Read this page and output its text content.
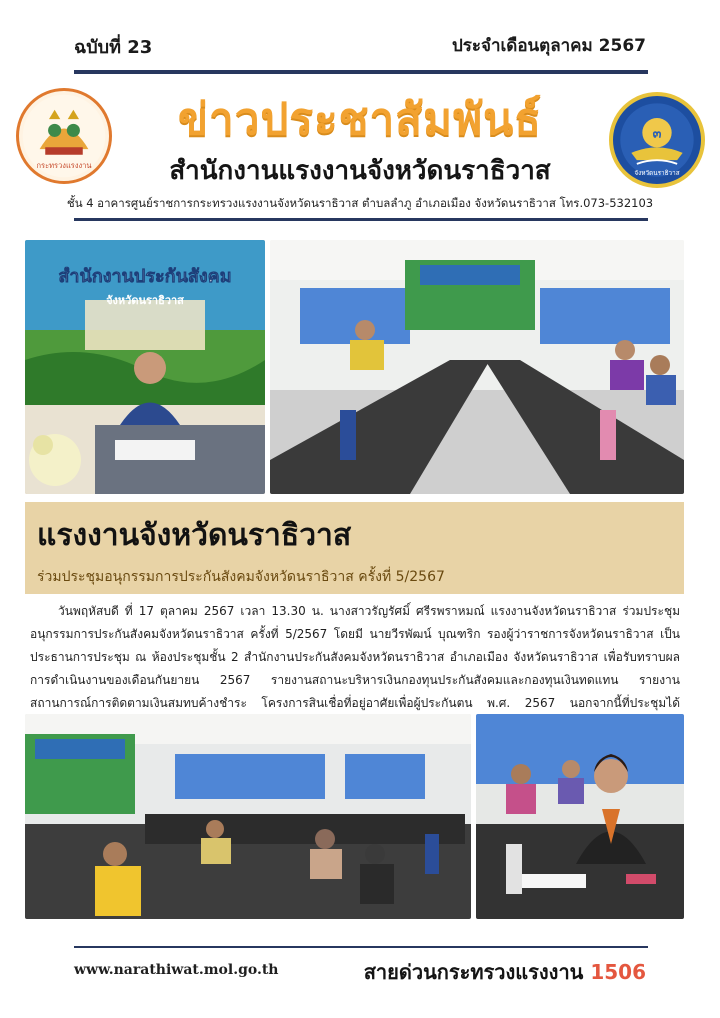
ฉบับที่ 23	ประจำเดือนตุลาคม 2567
กระทรวงแรงงาน
ข่าวประชาสัมพันธ์
สำนักงานแรงงานจังหวัดนราธิวาส
๓
จังหวัดนราธิวาส
ชั้น 4 อาคารศูนย์ราชการกระทรวงแรงงานจังหวัดนราธิวาส ตำบลลำภู อำเภอเมือง จังหวัดนราธิวาส โทร.073-532103
สำนักงานประกันสังคม
จังหวัดนราธิวาส
แรงงานจังหวัดนราธิวาส
ร่วมประชุมอนุกรรมการประกันสังคมจังหวัดนราธิวาส ครั้งที่ 5/2567
วันพฤหัสบดี ที่ 17 ตุลาคม 2567 เวลา 13.30 น. นางสาวรัญรัศมิ์ ศรีรพราหมณ์ แรงงานจังหวัดนราธิวาส ร่วมประชุมอนุกรรมการประกันสังคมจังหวัดนราธิวาส ครั้งที่ 5/2567 โดยมี นายวีรพัฒน์ บุณฑริก รองผู้ว่าราชการจังหวัดนราธิวาส เป็นประธานการประชุม ณ ห้องประชุมชั้น 2 สำนักงานประกันสังคมจังหวัดนราธิวาส อำเภอเมือง จังหวัดนราธิวาส เพื่อรับทราบผลการดำเนินงานของเดือนกันยายน 2567 รายงานสถานะบริหารเงินกองทุนประกันสังคมและกองทุนเงินทดแทน รายงานสถานการณ์การติดตามเงินสมทบค้างชำระ โครงการสินเชื่อที่อยู่อาศัยเพื่อผู้ประกันตน พ.ศ. 2567 นอกจากนี้ที่ประชุมได้
www.narathiwat.mol.go.th	สายด่วนกระทรวงแรงงาน 1506
